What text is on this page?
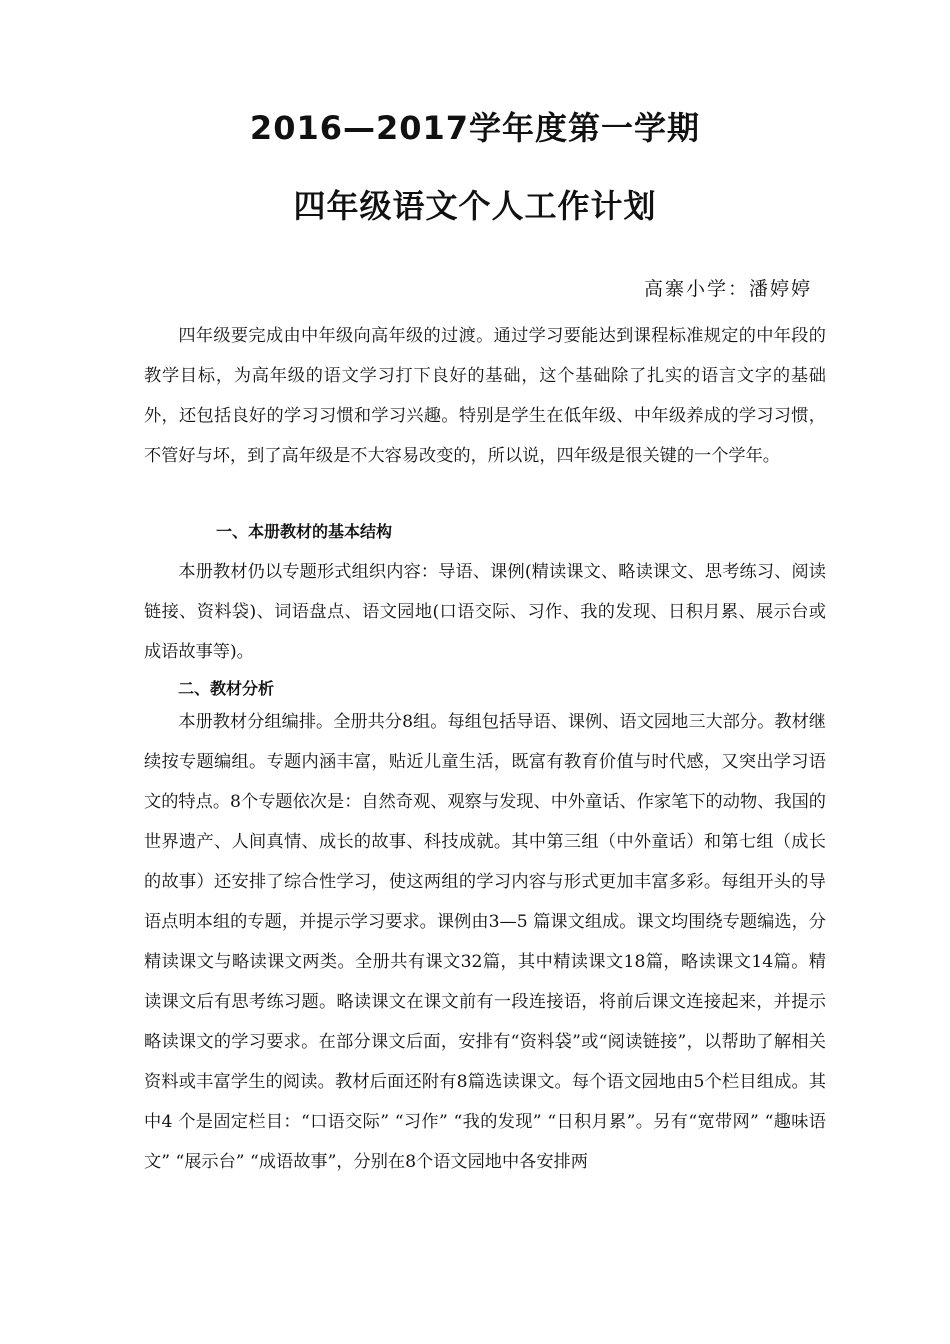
2016—2017学年度第一学期
四年级语文个人工作计划

高寨小学：潘婷婷

四年级要完成由中年级向高年级的过渡。通过学习要能达到课程标准规定的中年段的教学目标，为高年级的语文学习打下良好的基础，这个基础除了扎实的语言文字的基础外，还包括良好的学习习惯和学习兴趣。特别是学生在低年级、中年级养成的学习习惯，不管好与坏，到了高年级是不大容易改变的，所以说，四年级是很关键的一个学年。

一、本册教材的基本结构

本册教材仍以专题形式组织内容：导语、课例(精读课文、略读课文、思考练习、阅读链接、资料袋)、词语盘点、语文园地(口语交际、习作、我的发现、日积月累、展示台或成语故事等)。

二、教材分析

本册教材分组编排。全册共分8组。每组包括导语、课例、语文园地三大部分。教材继续按专题编组。专题内涵丰富，贴近儿童生活，既富有教育价值与时代感，又突出学习语文的特点。8个专题依次是：自然奇观、观察与发现、中外童话、作家笔下的动物、我国的世界遗产、人间真情、成长的故事、科技成就。其中第三组（中外童话）和第七组（成长的故事）还安排了综合性学习，使这两组的学习内容与形式更加丰富多彩。每组开头的导语点明本组的专题，并提示学习要求。课例由3—5 篇课文组成。课文均围绕专题编选，分精读课文与略读课文两类。全册共有课文32篇，其中精读课文18篇，略读课文14篇。精读课文后有思考练习题。略读课文在课文前有一段连接语，将前后课文连接起来，并提示略读课文的学习要求。在部分课文后面，安排有“资料袋”或“阅读链接”，以帮助了解相关资料或丰富学生的阅读。教材后面还附有8篇选读课文。每个语文园地由5个栏目组成。其中4 个是固定栏目：“口语交际” “习作” “我的发现” “日积月累”。另有“宽带网” “趣味语文” “展示台” “成语故事”，分别在8个语文园地中各安排两
